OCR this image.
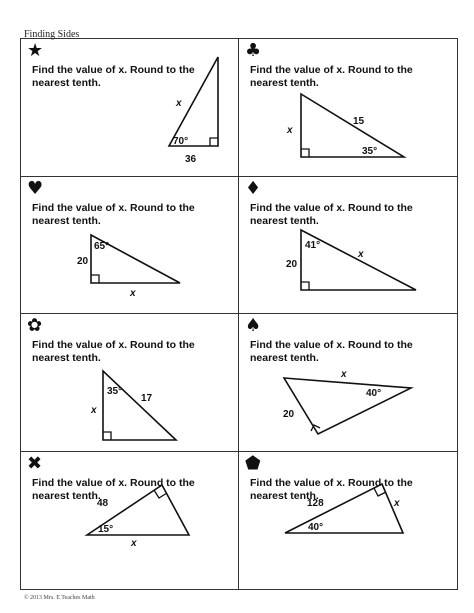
Finding Sides
★
Find the value of x. Round to the nearest tenth.
x
70°
36
♣
Find the value of x. Round to the nearest tenth.
x
15
35°
♥
Find the value of x. Round to the nearest tenth.
65°
20
x
♦
Find the value of x. Round to the nearest tenth.
41°
20
x
✿
Find the value of x. Round to the nearest tenth.
35°
17
x
♠
Find the value of x. Round to the nearest tenth.
x
40°
20
✖
Find the value of x. Round to the nearest tenth.
48
15°
x
⬟
Find the value of x. Round to the nearest tenth.
128	x
40°
© 2013 Mrs. E Teaches Math
